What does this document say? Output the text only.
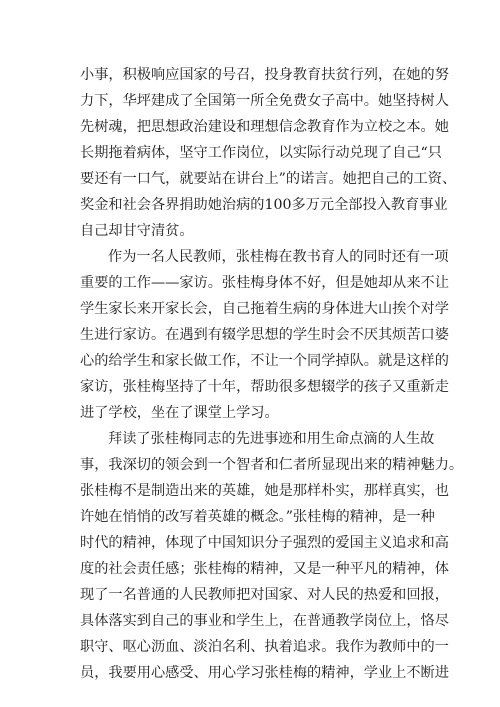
小事，积极响应国家的号召，投身教育扶贫行列，在她的努
力下，华坪建成了全国第一所全免费女子高中。她坚持树人
先树魂，把思想政治建设和理想信念教育作为立校之本。她
长期拖着病体，坚守工作岗位，以实际行动兑现了自己“只
要还有一口气，就要站在讲台上”的诺言。她把自己的工资、
奖金和社会各界捐助她治病的100多万元全部投入教育事业
自己却甘守清贫。
作为一名人民教师，张桂梅在教书育人的同时还有一项
重要的工作——家访。张桂梅身体不好，但是她却从来不让
学生家长来开家长会，自己拖着生病的身体进大山挨个对学
生进行家访。在遇到有辍学思想的学生时会不厌其烦苦口婆
心的给学生和家长做工作，不让一个同学掉队。就是这样的
家访，张桂梅坚持了十年，帮助很多想辍学的孩子又重新走
进了学校，坐在了课堂上学习。
拜读了张桂梅同志的先进事迹和用生命点滴的人生故
事，我深切的领会到一个智者和仁者所显现出来的精神魅力。
张桂梅不是制造出来的英雄，她是那样朴实，那样真实，也
许她在悄悄的改写着英雄的概念。”张桂梅的精神，是一种
时代的精神，体现了中国知识分子强烈的爱国主义追求和高
度的社会责任感；张桂梅的精神，又是一种平凡的精神，体
现了一名普通的人民教师把对国家、对人民的热爱和回报，
具体落实到自己的事业和学生上，在普通教学岗位上，恪尽
职守、呕心沥血、淡泊名利、执着追求。我作为教师中的一
员，我要用心感受、用心学习张桂梅的精神，学业上不断进
